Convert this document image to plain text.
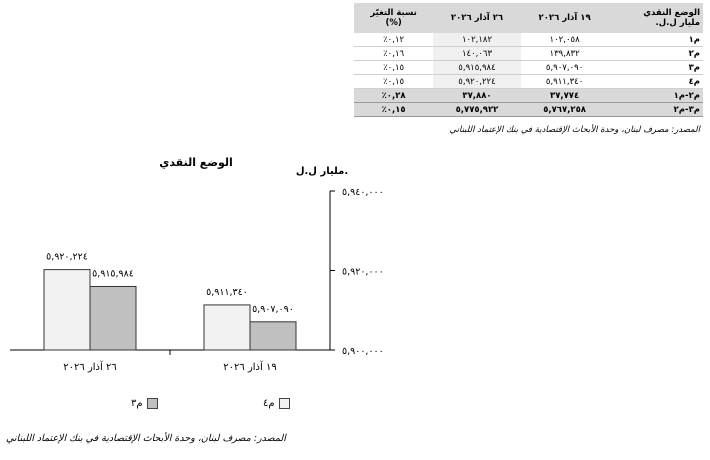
الوضع النقدي
مليار ل.ل.	١٩ آذار ٢٠٢٦	٢٦ آذار ٢٠٢٦	نسبة التغيّر
(%)
م١	١٠٢,٠٥٨	١٠٢,١٨٢	٠,١٢٪
م٢	١٣٩,٨٣٢	١٤٠,٠٦٣	٠,١٦٪
م٣	٥,٩٠٧,٠٩٠	٥,٩١٥,٩٨٤	٠,١٥٪
م٤	٥,٩١١,٣٤٠	٥,٩٢٠,٢٢٤	٠,١٥٪
م٢-م١	٣٧,٧٧٤	٣٧,٨٨٠	٠,٢٨٪
م٣-م٢	٥,٧٦٧,٢٥٨	٥,٧٧٥,٩٢٢	٠,١٥٪
المصدر: مصرف لبنان، وحدة الأبحاث الإقتصادية في بنك الإعتماد اللبناني
الوضع النقدي
مليار ل.ل.
٥,٩٠٠,٠٠٠
٥,٩٢٠,٠٠٠
٥,٩٤٠,٠٠٠
٢٦ آذار ٢٠٢٦
٥,٩٢٠,٢٢٤
٥,٩١٥,٩٨٤
١٩ آذار ٢٠٢٦
٥,٩١١,٣٤٠
٥,٩٠٧,٠٩٠
م٤
م٣
المصدر: مصرف لبنان، وحدة الأبحاث الإقتصادية في بنك الإعتماد اللبناني
